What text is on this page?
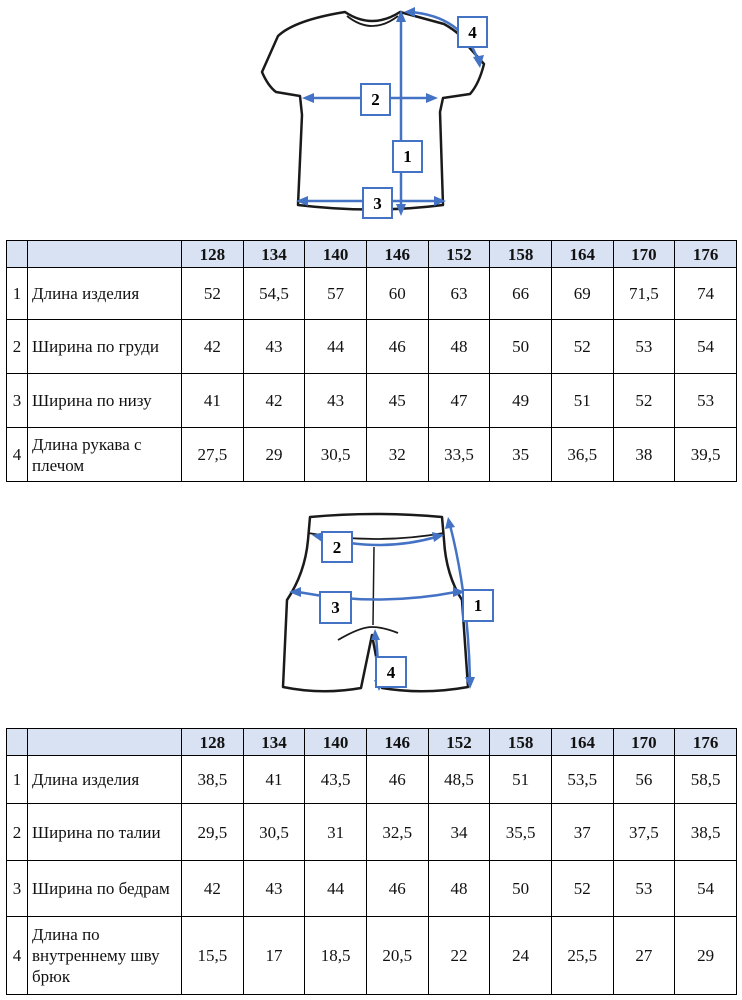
1
2
3
4
		128	134	140	146	152	158	164	170	176
1	Длина изделия	52	54,5	57	60	63	66	69	71,5	74
2	Ширина по груди	42	43	44	46	48	50	52	53	54
3	Ширина по низу	41	42	43	45	47	49	51	52	53
4	Длина рукава с плечом	27,5	29	30,5	32	33,5	35	36,5	38	39,5
1
2
3
4
		128	134	140	146	152	158	164	170	176
1	Длина изделия	38,5	41	43,5	46	48,5	51	53,5	56	58,5
2	Ширина по талии	29,5	30,5	31	32,5	34	35,5	37	37,5	38,5
3	Ширина по бедрам	42	43	44	46	48	50	52	53	54
4	Длина по внутреннему шву брюк	15,5	17	18,5	20,5	22	24	25,5	27	29
